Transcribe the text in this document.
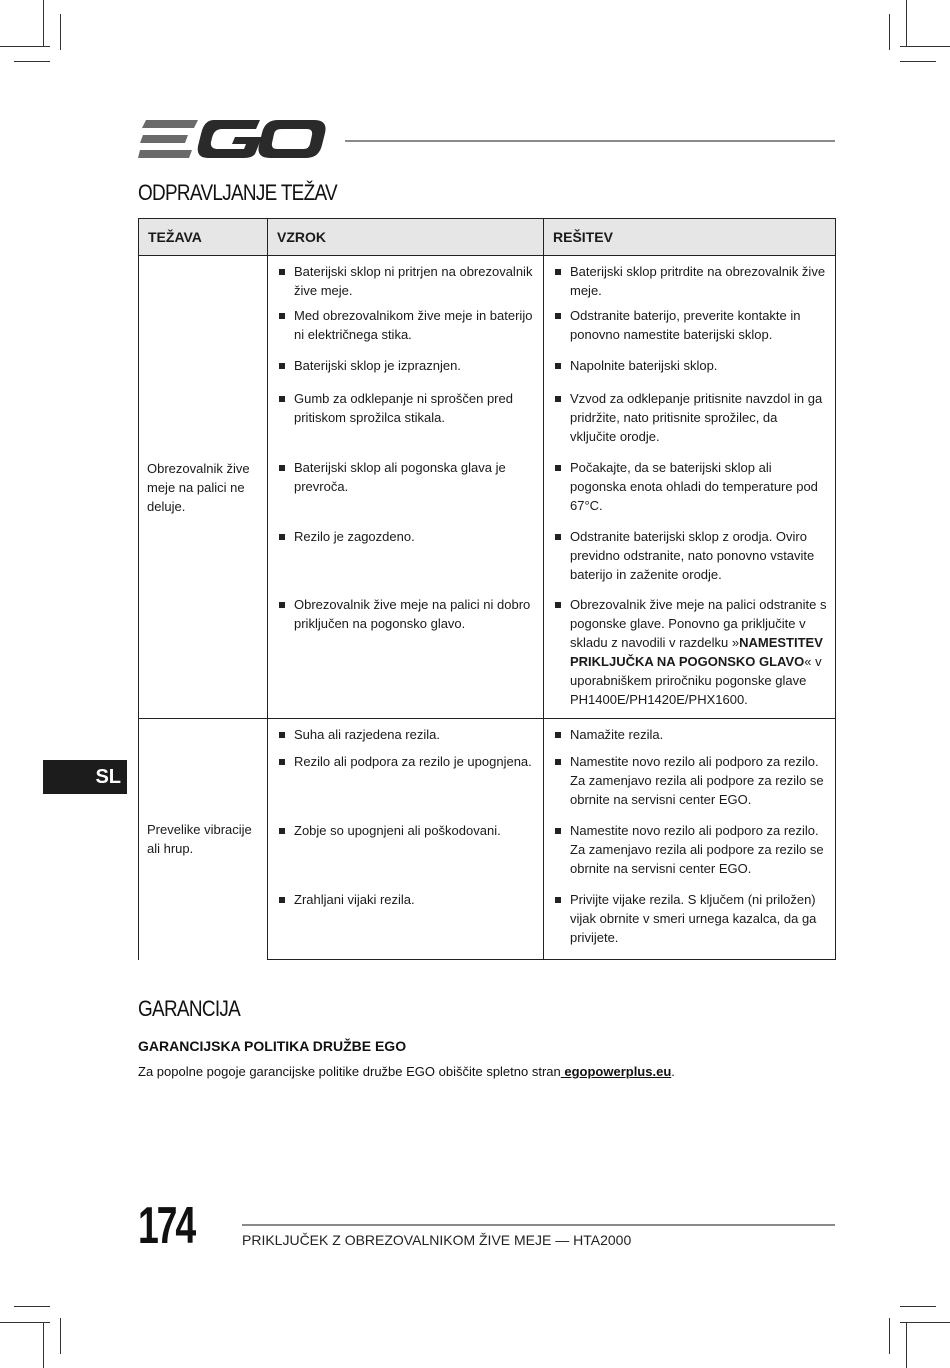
ODPRAVLJANJE TEŽAV
TEŽAVA	VZROK	REŠITEV
Obrezovalnik žive meje na palici ne deluje.	Baterijski sklop ni pritrjen na obrezovalnik žive meje.	Baterijski sklop pritrdite na obrezovalnik žive meje.

	Med obrezovalnikom žive meje in baterijo ni električnega stika.	Odstranite baterijo, preverite kontakte in ponovno namestite baterijski sklop.

	Baterijski sklop je izpraznjen.	Napolnite baterijski sklop.

	Gumb za odklepanje ni sproščen pred pritiskom sprožilca stikala.	Vzvod za odklepanje pritisnite navzdol in ga pridržite, nato pritisnite sprožilec, da vključite orodje.

	Baterijski sklop ali pogonska glava je prevroča.	Počakajte, da se baterijski sklop ali pogonska enota ohladi do temperature pod 67°C.

	Rezilo je zagozdeno.	Odstranite baterijski sklop z orodja. Oviro previdno odstranite, nato ponovno vstavite baterijo in zaženite orodje.

	Obrezovalnik žive meje na palici ni dobro priključen na pogonsko glavo.	Obrezovalnik žive meje na palici odstranite s pogonske glave. Ponovno ga priključite v skladu z navodili v razdelku »NAMESTITEV PRIKLJUČKA NA POGONSKO GLAVO« v uporabniškem priročniku pogonske glave PH1400E/PH1420E/PHX1600.

Prevelike vibracije ali hrup.	Suha ali razjedena rezila.	Namažite rezila.

	Rezilo ali podpora za rezilo je upognjena.	Namestite novo rezilo ali podporo za rezilo. Za zamenjavo rezila ali podpore za rezilo se obrnite na servisni center EGO.

	Zobje so upognjeni ali poškodovani.	Namestite novo rezilo ali podporo za rezilo. Za zamenjavo rezila ali podpore za rezilo se obrnite na servisni center EGO.

	Zrahljani vijaki rezila.	Privijte vijake rezila. S ključem (ni priložen) vijak obrnite v smeri urnega kazalca, da ga privijete.
SL
GARANCIJA
GARANCIJSKA POLITIKA DRUŽBE EGO

Za popolne pogoje garancijske politike družbe EGO obiščite spletno stran egopowerplus.eu.

174	PRIKLJUČEK Z OBREZOVALNIKOM ŽIVE MEJE — HTA2000
